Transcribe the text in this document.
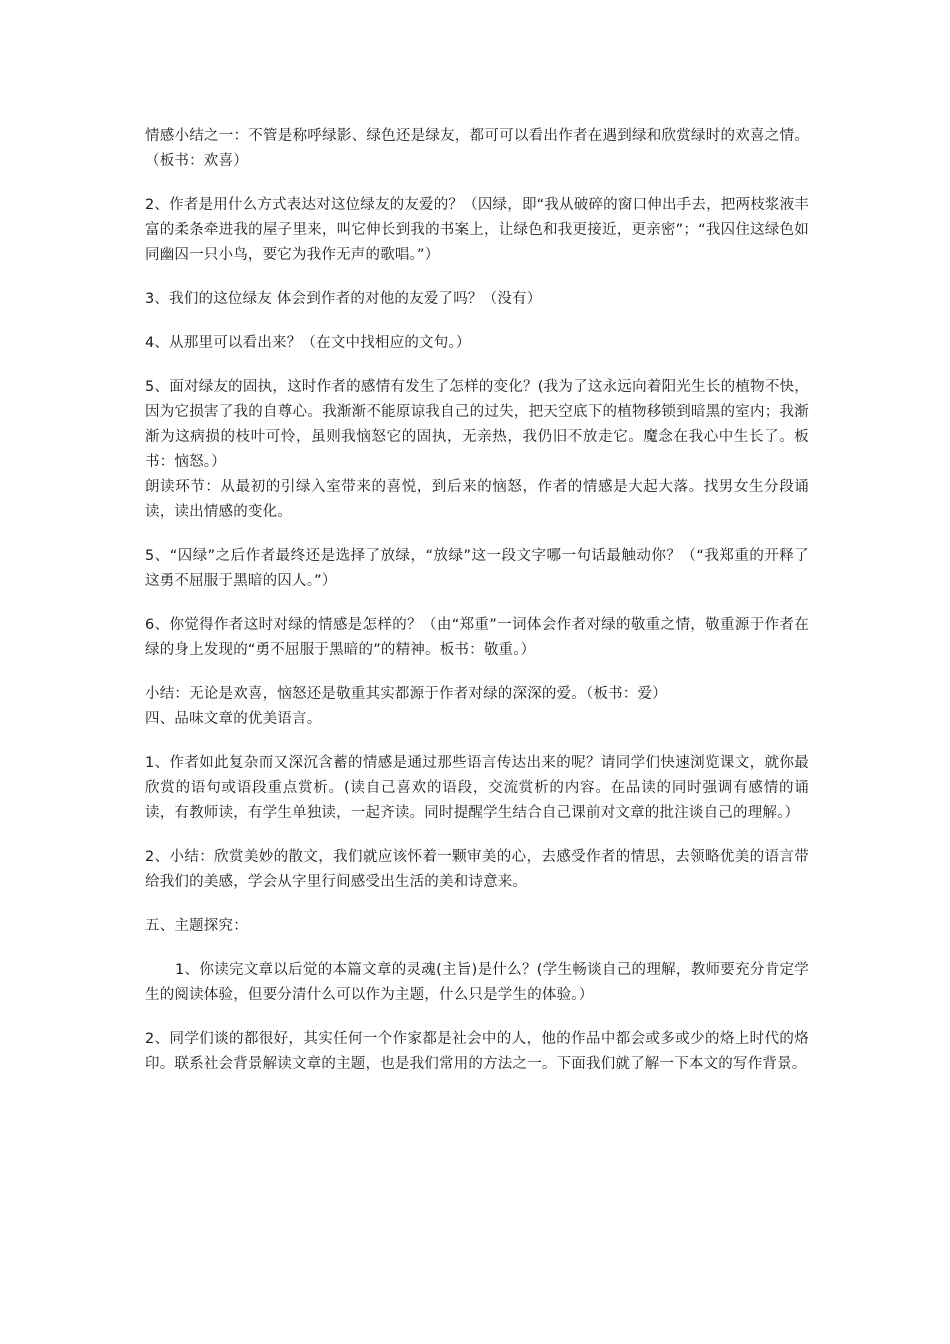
情感小结之一：不管是称呼绿影、绿色还是绿友，都可可以看出作者在遇到绿和欣赏绿时的欢喜之情。（板书：欢喜）

2、作者是用什么方式表达对这位绿友的友爱的？（囚绿，即“我从破碎的窗口伸出手去，把两枝浆液丰富的柔条牵进我的屋子里来，叫它伸长到我的书案上，让绿色和我更接近，更亲密”；“我囚住这绿色如同幽囚一只小鸟，要它为我作无声的歌唱。”）

3、我们的这位绿友 体会到作者的对他的友爱了吗？（没有）

4、从那里可以看出来？（在文中找相应的文句。）

5、面对绿友的固执，这时作者的感情有发生了怎样的变化？(我为了这永远向着阳光生长的植物不快，因为它损害了我的自尊心。我渐渐不能原谅我自己的过失，把天空底下的植物移锁到暗黑的室内；我渐渐为这病损的枝叶可怜，虽则我恼怒它的固执，无亲热，我仍旧不放走它。魔念在我心中生长了。板书：恼怒。）

朗读环节：从最初的引绿入室带来的喜悦，到后来的恼怒，作者的情感是大起大落。找男女生分段诵读，读出情感的变化。

5、“囚绿”之后作者最终还是选择了放绿，“放绿”这一段文字哪一句话最触动你？（“我郑重的开释了这勇不屈服于黑暗的囚人。”）

6、你觉得作者这时对绿的情感是怎样的？（由“郑重”一词体会作者对绿的敬重之情，敬重源于作者在绿的身上发现的“勇不屈服于黑暗的”的精神。板书：敬重。）

小结：无论是欢喜，恼怒还是敬重其实都源于作者对绿的深深的爱。（板书：爱）

四、品味文章的优美语言。

1、作者如此复杂而又深沉含蓄的情感是通过那些语言传达出来的呢？请同学们快速浏览课文，就你最欣赏的语句或语段重点赏析。(读自己喜欢的语段，交流赏析的内容。在品读的同时强调有感情的诵读，有教师读，有学生单独读，一起齐读。同时提醒学生结合自己课前对文章的批注谈自己的理解。）

2、小结：欣赏美妙的散文，我们就应该怀着一颗审美的心，去感受作者的情思，去领略优美的语言带给我们的美感，学会从字里行间感受出生活的美和诗意来。

五、主题探究：

1、你读完文章以后觉的本篇文章的灵魂(主旨)是什么？(学生畅谈自己的理解，教师要充分肯定学生的阅读体验，但要分清什么可以作为主题，什么只是学生的体验。）

2、同学们谈的都很好，其实任何一个作家都是社会中的人，他的作品中都会或多或少的烙上时代的烙印。联系社会背景解读文章的主题，也是我们常用的方法之一。下面我们就了解一下本文的写作背景。
